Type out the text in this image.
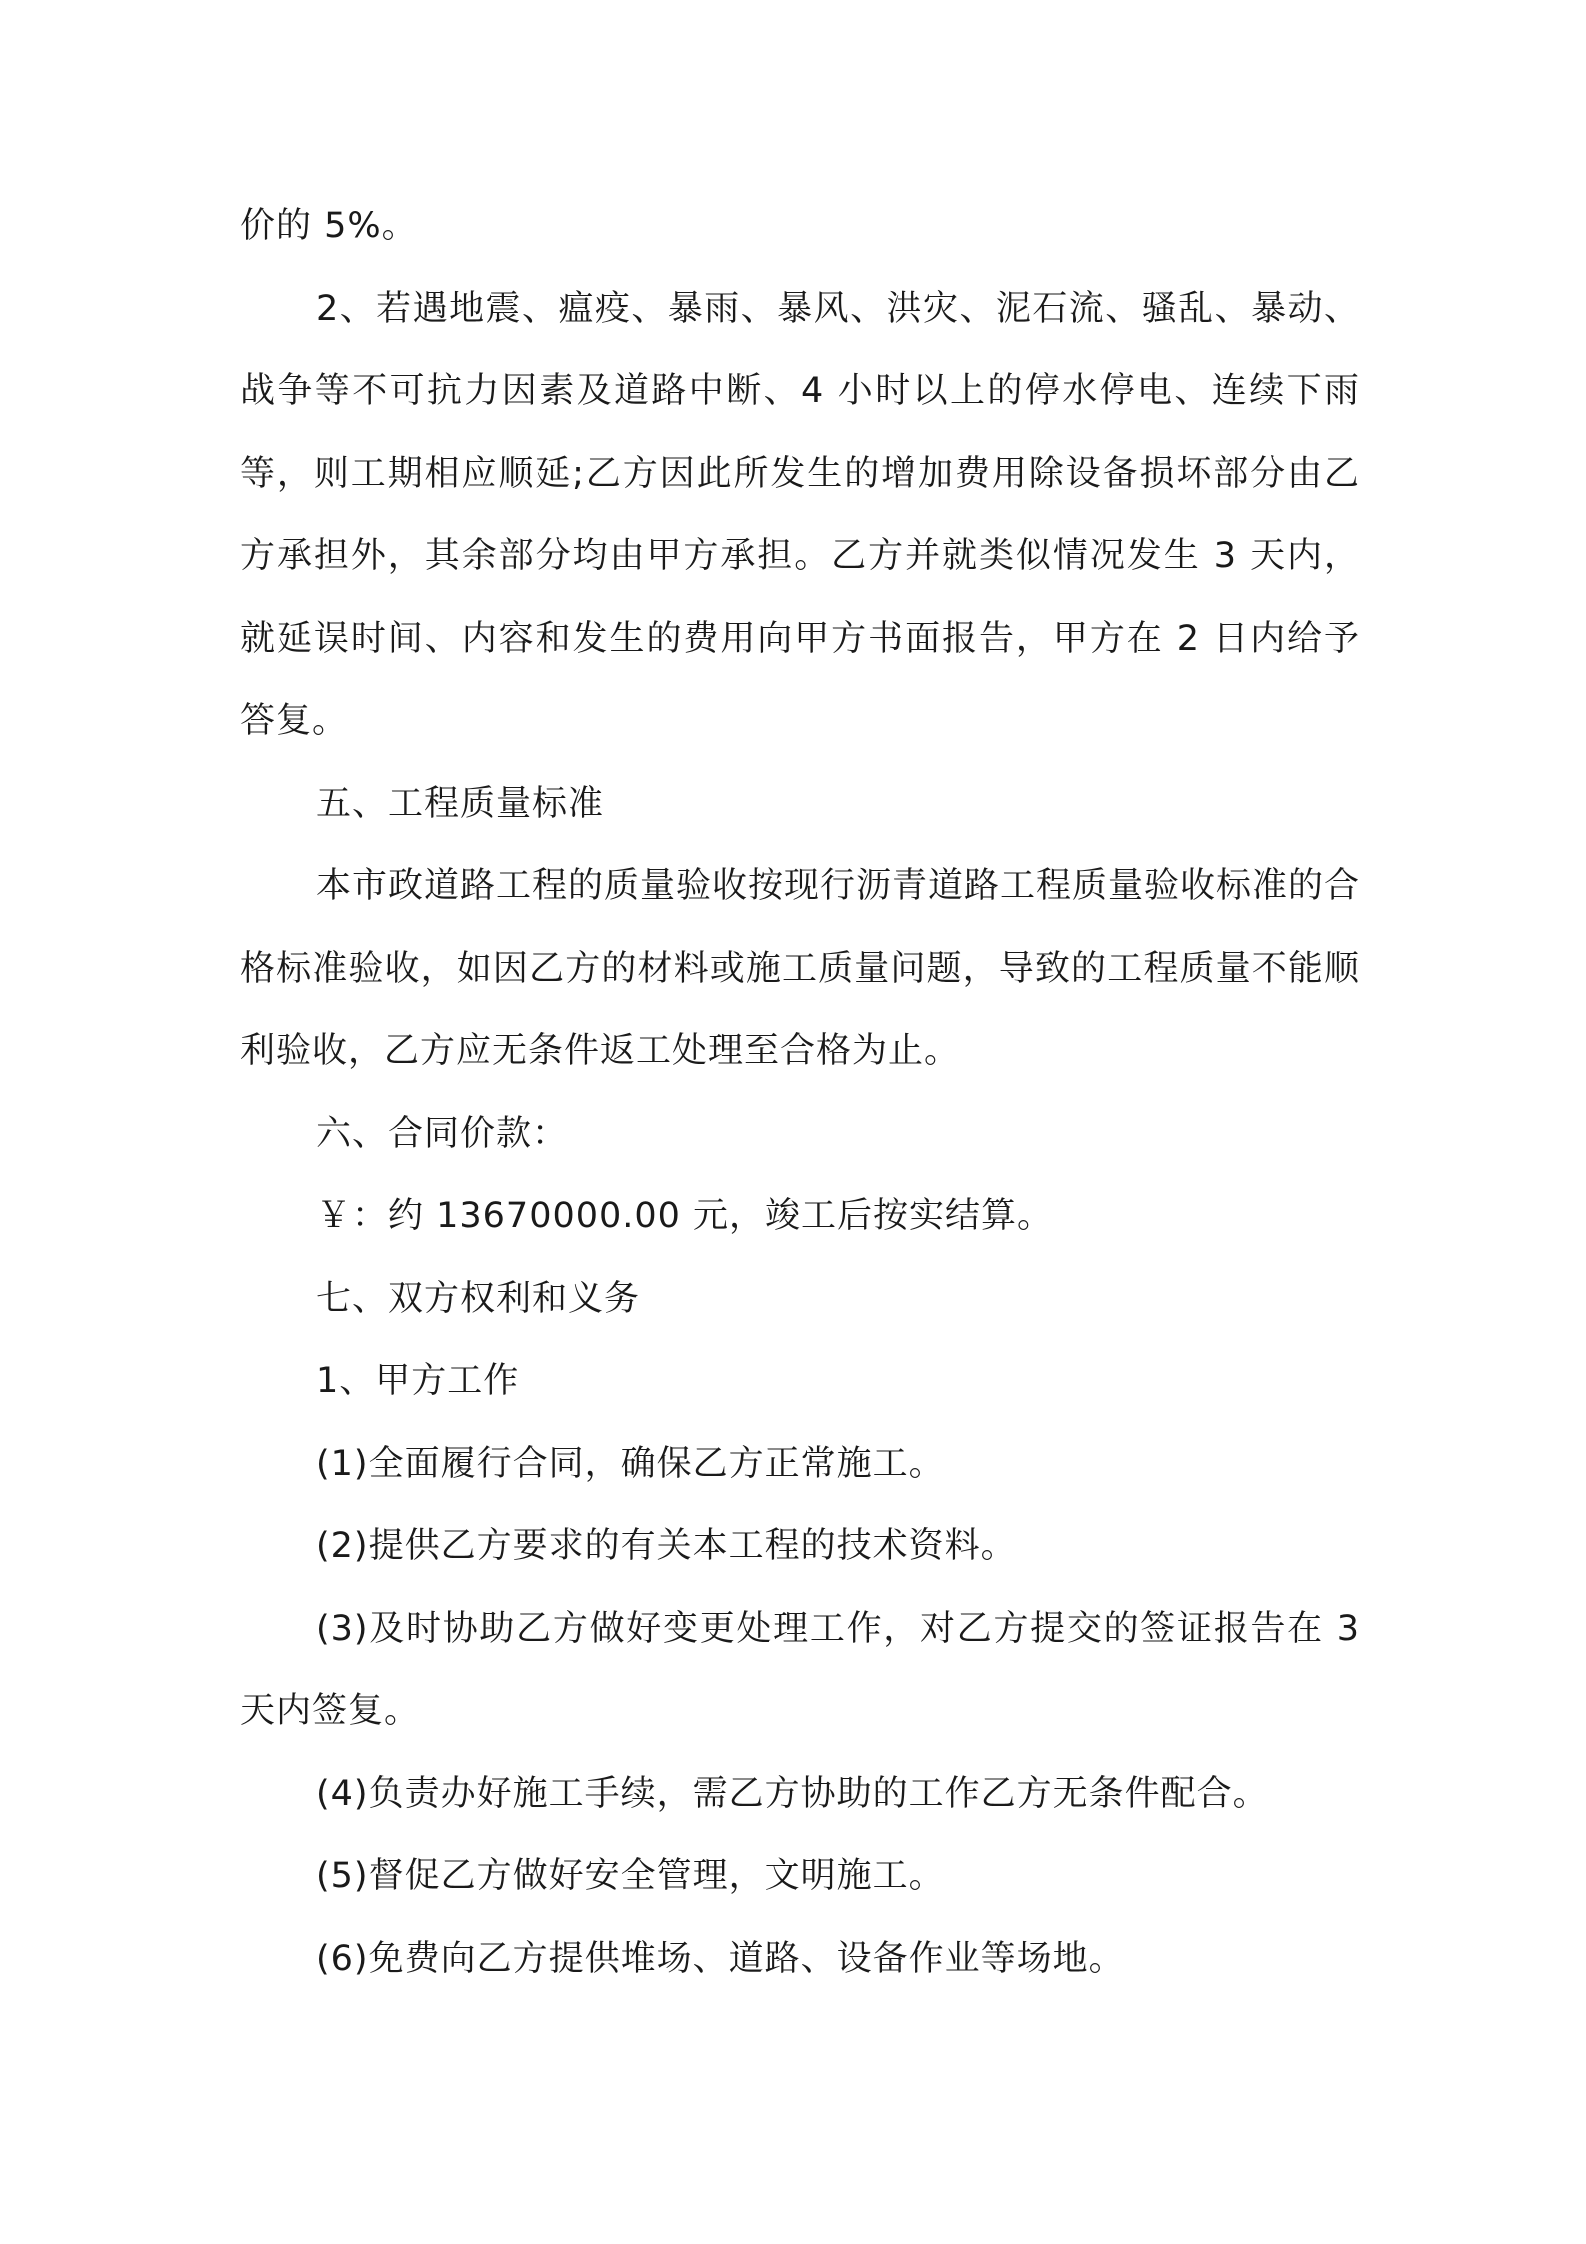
价的 5%。

2、若遇地震、瘟疫、暴雨、暴风、洪灾、泥石流、骚乱、暴动、战争等不可抗力因素及道路中断、4 小时以上的停水停电、连续下雨等，则工期相应顺延;乙方因此所发生的增加费用除设备损坏部分由乙方承担外，其余部分均由甲方承担。乙方并就类似情况发生 3 天内，就延误时间、内容和发生的费用向甲方书面报告，甲方在 2 日内给予答复。

五、工程质量标准

本市政道路工程的质量验收按现行沥青道路工程质量验收标准的合格标准验收，如因乙方的材料或施工质量问题，导致的工程质量不能顺利验收，乙方应无条件返工处理至合格为止。

六、合同价款：

￥：约 13670000.00 元，竣工后按实结算。

七、双方权利和义务

1、甲方工作

(1)全面履行合同，确保乙方正常施工。

(2)提供乙方要求的有关本工程的技术资料。

(3)及时协助乙方做好变更处理工作，对乙方提交的签证报告在 3 天内签复。

(4)负责办好施工手续，需乙方协助的工作乙方无条件配合。

(5)督促乙方做好安全管理，文明施工。

(6)免费向乙方提供堆场、道路、设备作业等场地。
